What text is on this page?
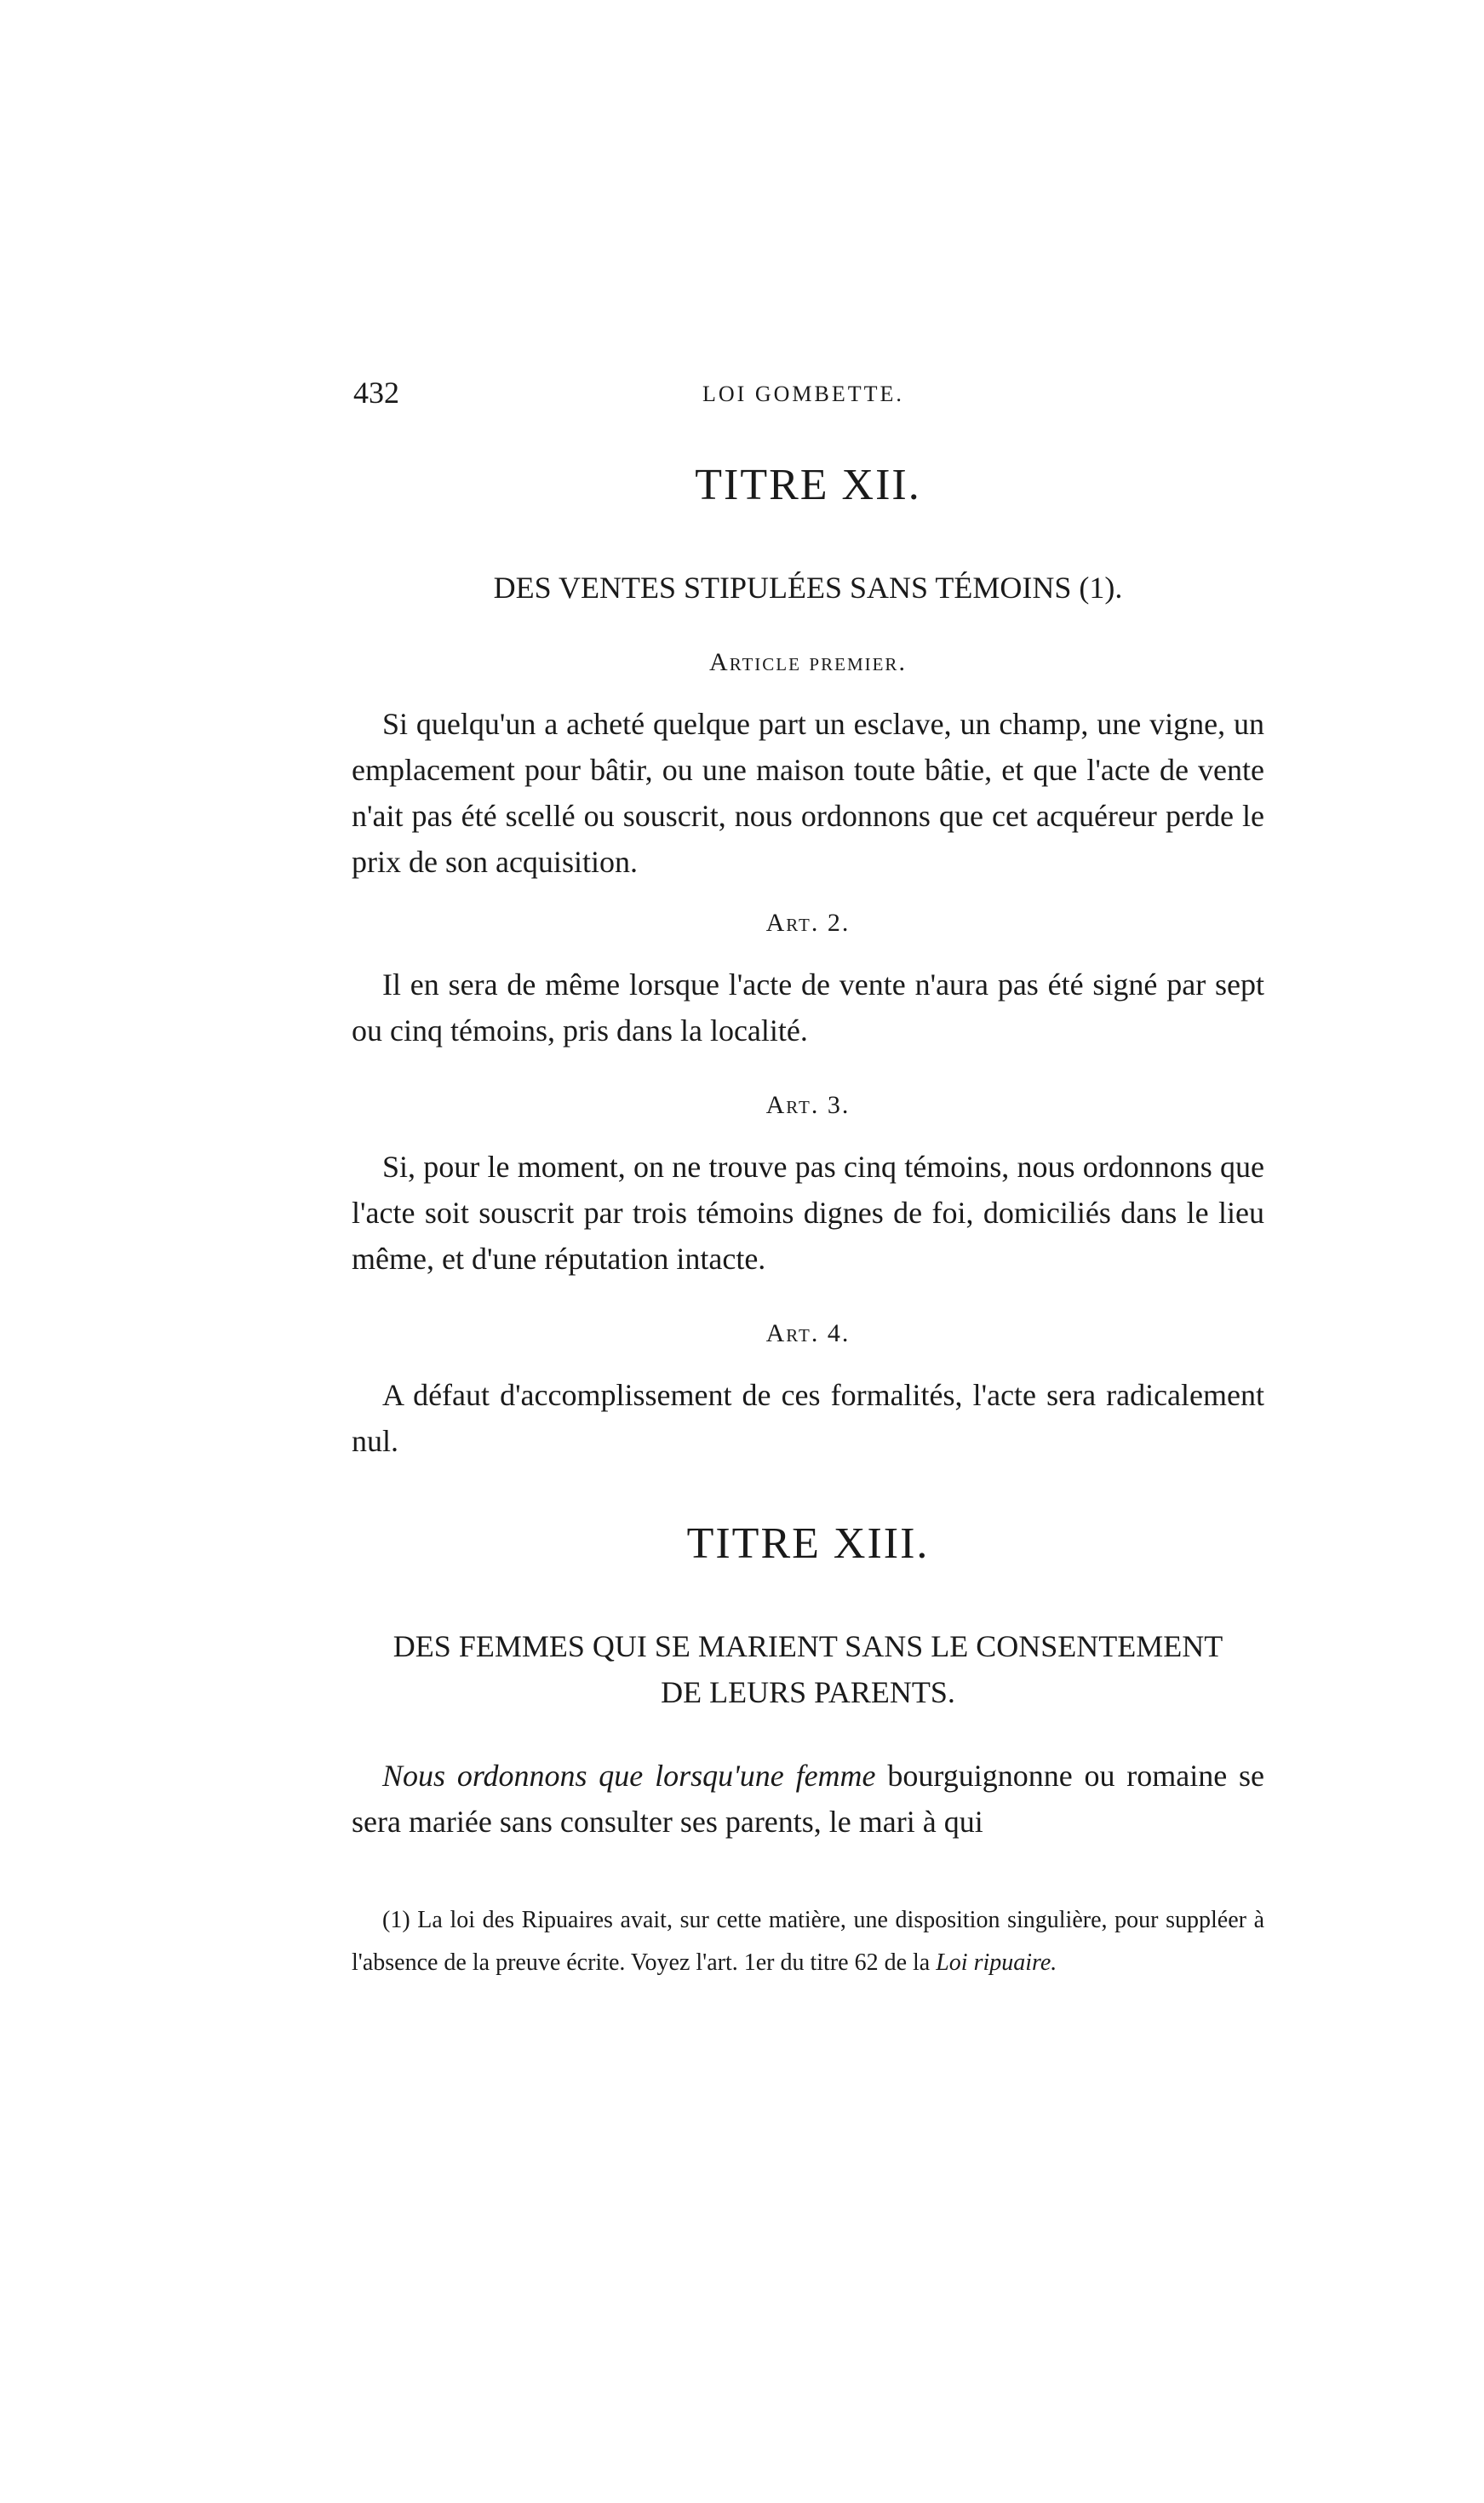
432	LOI GOMBETTE.
TITRE XII.
DES VENTES STIPULÉES SANS TÉMOINS (1).
Article premier.

Si quelqu'un a acheté quelque part un esclave, un champ, une vigne, un emplacement pour bâtir, ou une maison toute bâtie, et que l'acte de vente n'ait pas été scellé ou souscrit, nous ordonnons que cet acquéreur perde le prix de son acquisition.

Art. 2.

Il en sera de même lorsque l'acte de vente n'aura pas été signé par sept ou cinq témoins, pris dans la localité.

Art. 3.

Si, pour le moment, on ne trouve pas cinq témoins, nous ordonnons que l'acte soit souscrit par trois témoins dignes de foi, domiciliés dans le lieu même, et d'une réputation intacte.

Art. 4.

A défaut d'accomplissement de ces formalités, l'acte sera radicalement nul.

TITRE XIII.
DES FEMMES QUI SE MARIENT SANS LE CONSENTEMENT
DE LEURS PARENTS.

Nous ordonnons que lorsqu'une femme bourguignonne ou romaine se sera mariée sans consulter ses parents, le mari à qui

(1) La loi des Ripuaires avait, sur cette matière, une disposition singulière, pour suppléer à l'absence de la preuve écrite. Voyez l'art. 1er du titre 62 de la Loi ripuaire.
